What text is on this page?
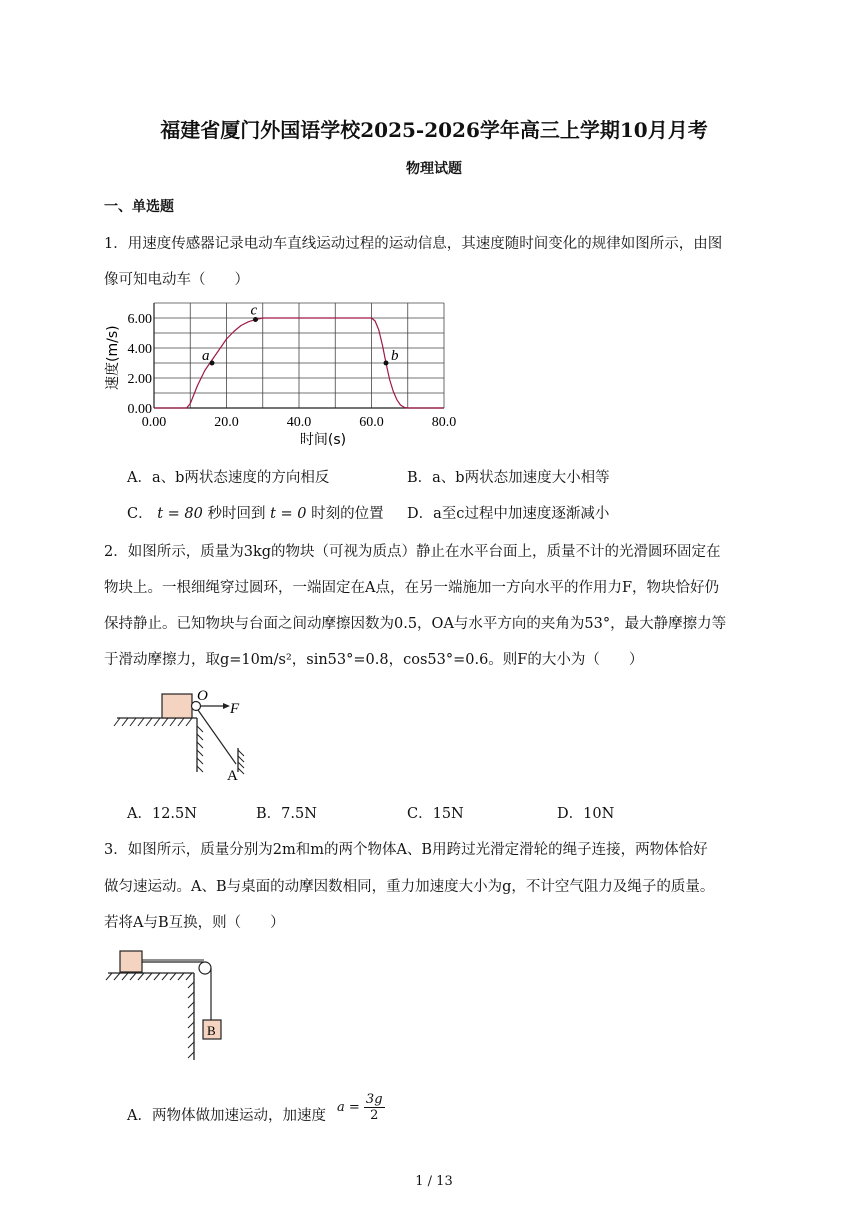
福建省厦门外国语学校2025-2026学年高三上学期10月月考
物理试题
一、单选题
1．用速度传感器记录电动车直线运动过程的运动信息，其速度随时间变化的规律如图所示，由图
像可知电动车（　　）
0.00	20.0	40.0	60.0	80.0
0.00
2.00
4.00
6.00
a	b
c
速度(m/s)
时间(s)
A．a、b两状态速度的方向相反	B．a、b两状态加速度大小相等
C． t = 80 秒时回到 t = 0 时刻的位置 D．a至c过程中加速度逐渐减小
2．如图所示，质量为3kg的物块（可视为质点）静止在水平台面上，质量不计的光滑圆环固定在
物块上。一根细绳穿过圆环，一端固定在A点，在另一端施加一方向水平的作用力F，物块恰好仍
保持静止。已知物块与台面之间动摩擦因数为0.5，OA与水平方向的夹角为53°，最大静摩擦力等
于滑动摩擦力，取g=10m/s²，sin53°=0.8，cos53°=0.6。则F的大小为（　　）
O
F
A
A．12.5N	B．7.5N	C．15N	D．10N
3．如图所示，质量分别为2m和m的两个物体A、B用跨过光滑定滑轮的绳子连接，两物体恰好
做匀速运动。A、B与桌面的动摩因数相同，重力加速度大小为g，不计空气阻力及绳子的质量。
若将A与B互换，则（　　）
B
A．两物体做加速运动，加速度
$a = \frac{3g}{2}$
1 / 13
